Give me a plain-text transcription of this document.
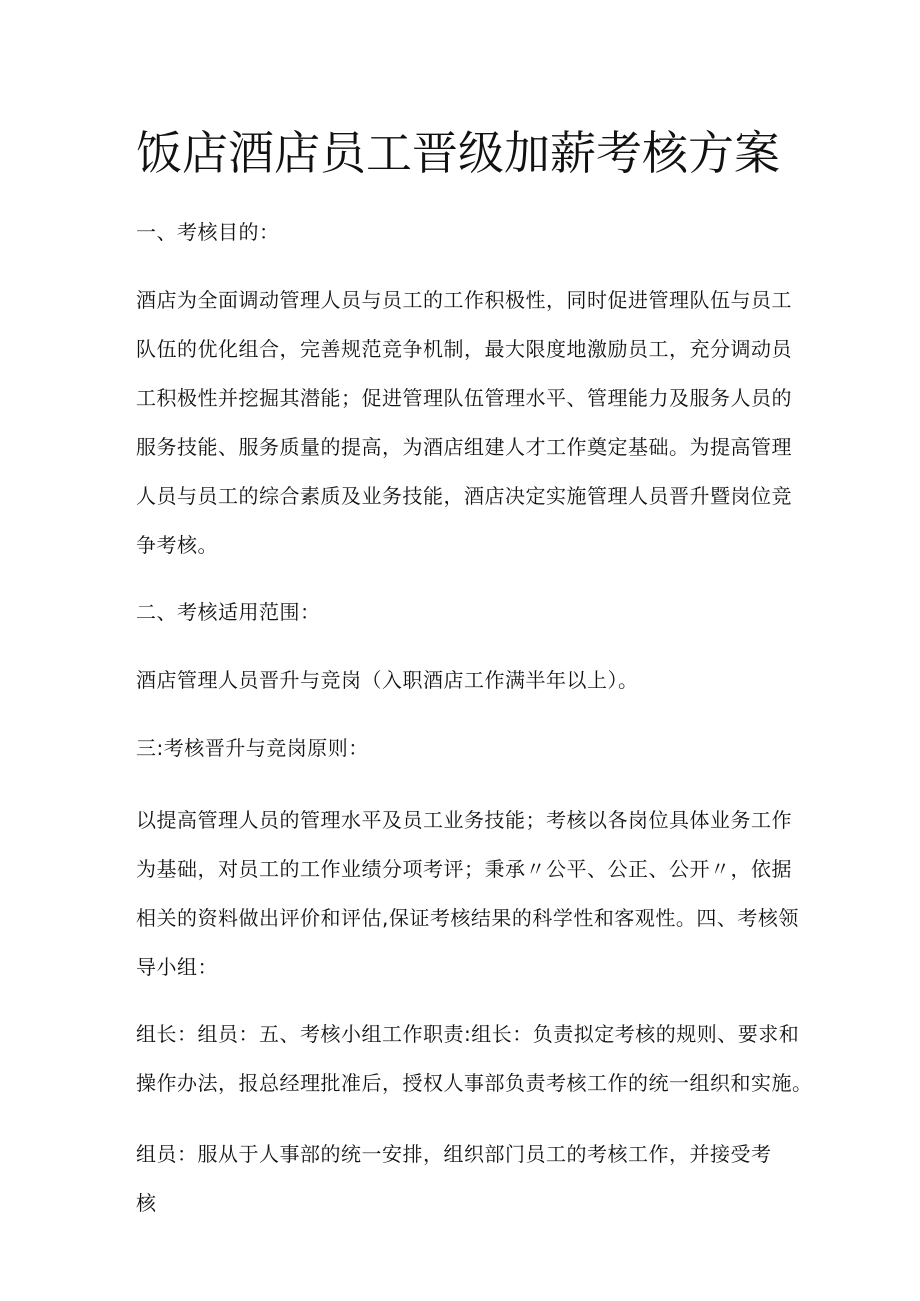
饭店酒店员工晋级加薪考核方案

一、考核目的：

酒店为全面调动管理人员与员工的工作积极性，同时促进管理队伍与员工
队伍的优化组合，完善规范竞争机制，最大限度地激励员工，充分调动员
工积极性并挖掘其潜能；促进管理队伍管理水平、管理能力及服务人员的
服务技能、服务质量的提高，为酒店组建人才工作奠定基础。为提高管理
人员与员工的综合素质及业务技能，酒店决定实施管理人员晋升暨岗位竞
争考核。

二、考核适用范围：

酒店管理人员晋升与竞岗（入职酒店工作满半年以上）。

三:考核晋升与竞岗原则：

以提高管理人员的管理水平及员工业务技能；考核以各岗位具体业务工作
为基础，对员工的工作业绩分项考评；秉承〃公平、公正、公开〃，依据
相关的资料做出评价和评估,保证考核结果的科学性和客观性。四、考核领
导小组：
组长：组员：五、考核小组工作职责:组长：负责拟定考核的规则、要求和
操作办法，报总经理批准后，授权人事部负责考核工作的统一组织和实施。

组员：服从于人事部的统一安排，组织部门员工的考核工作，并接受考核
